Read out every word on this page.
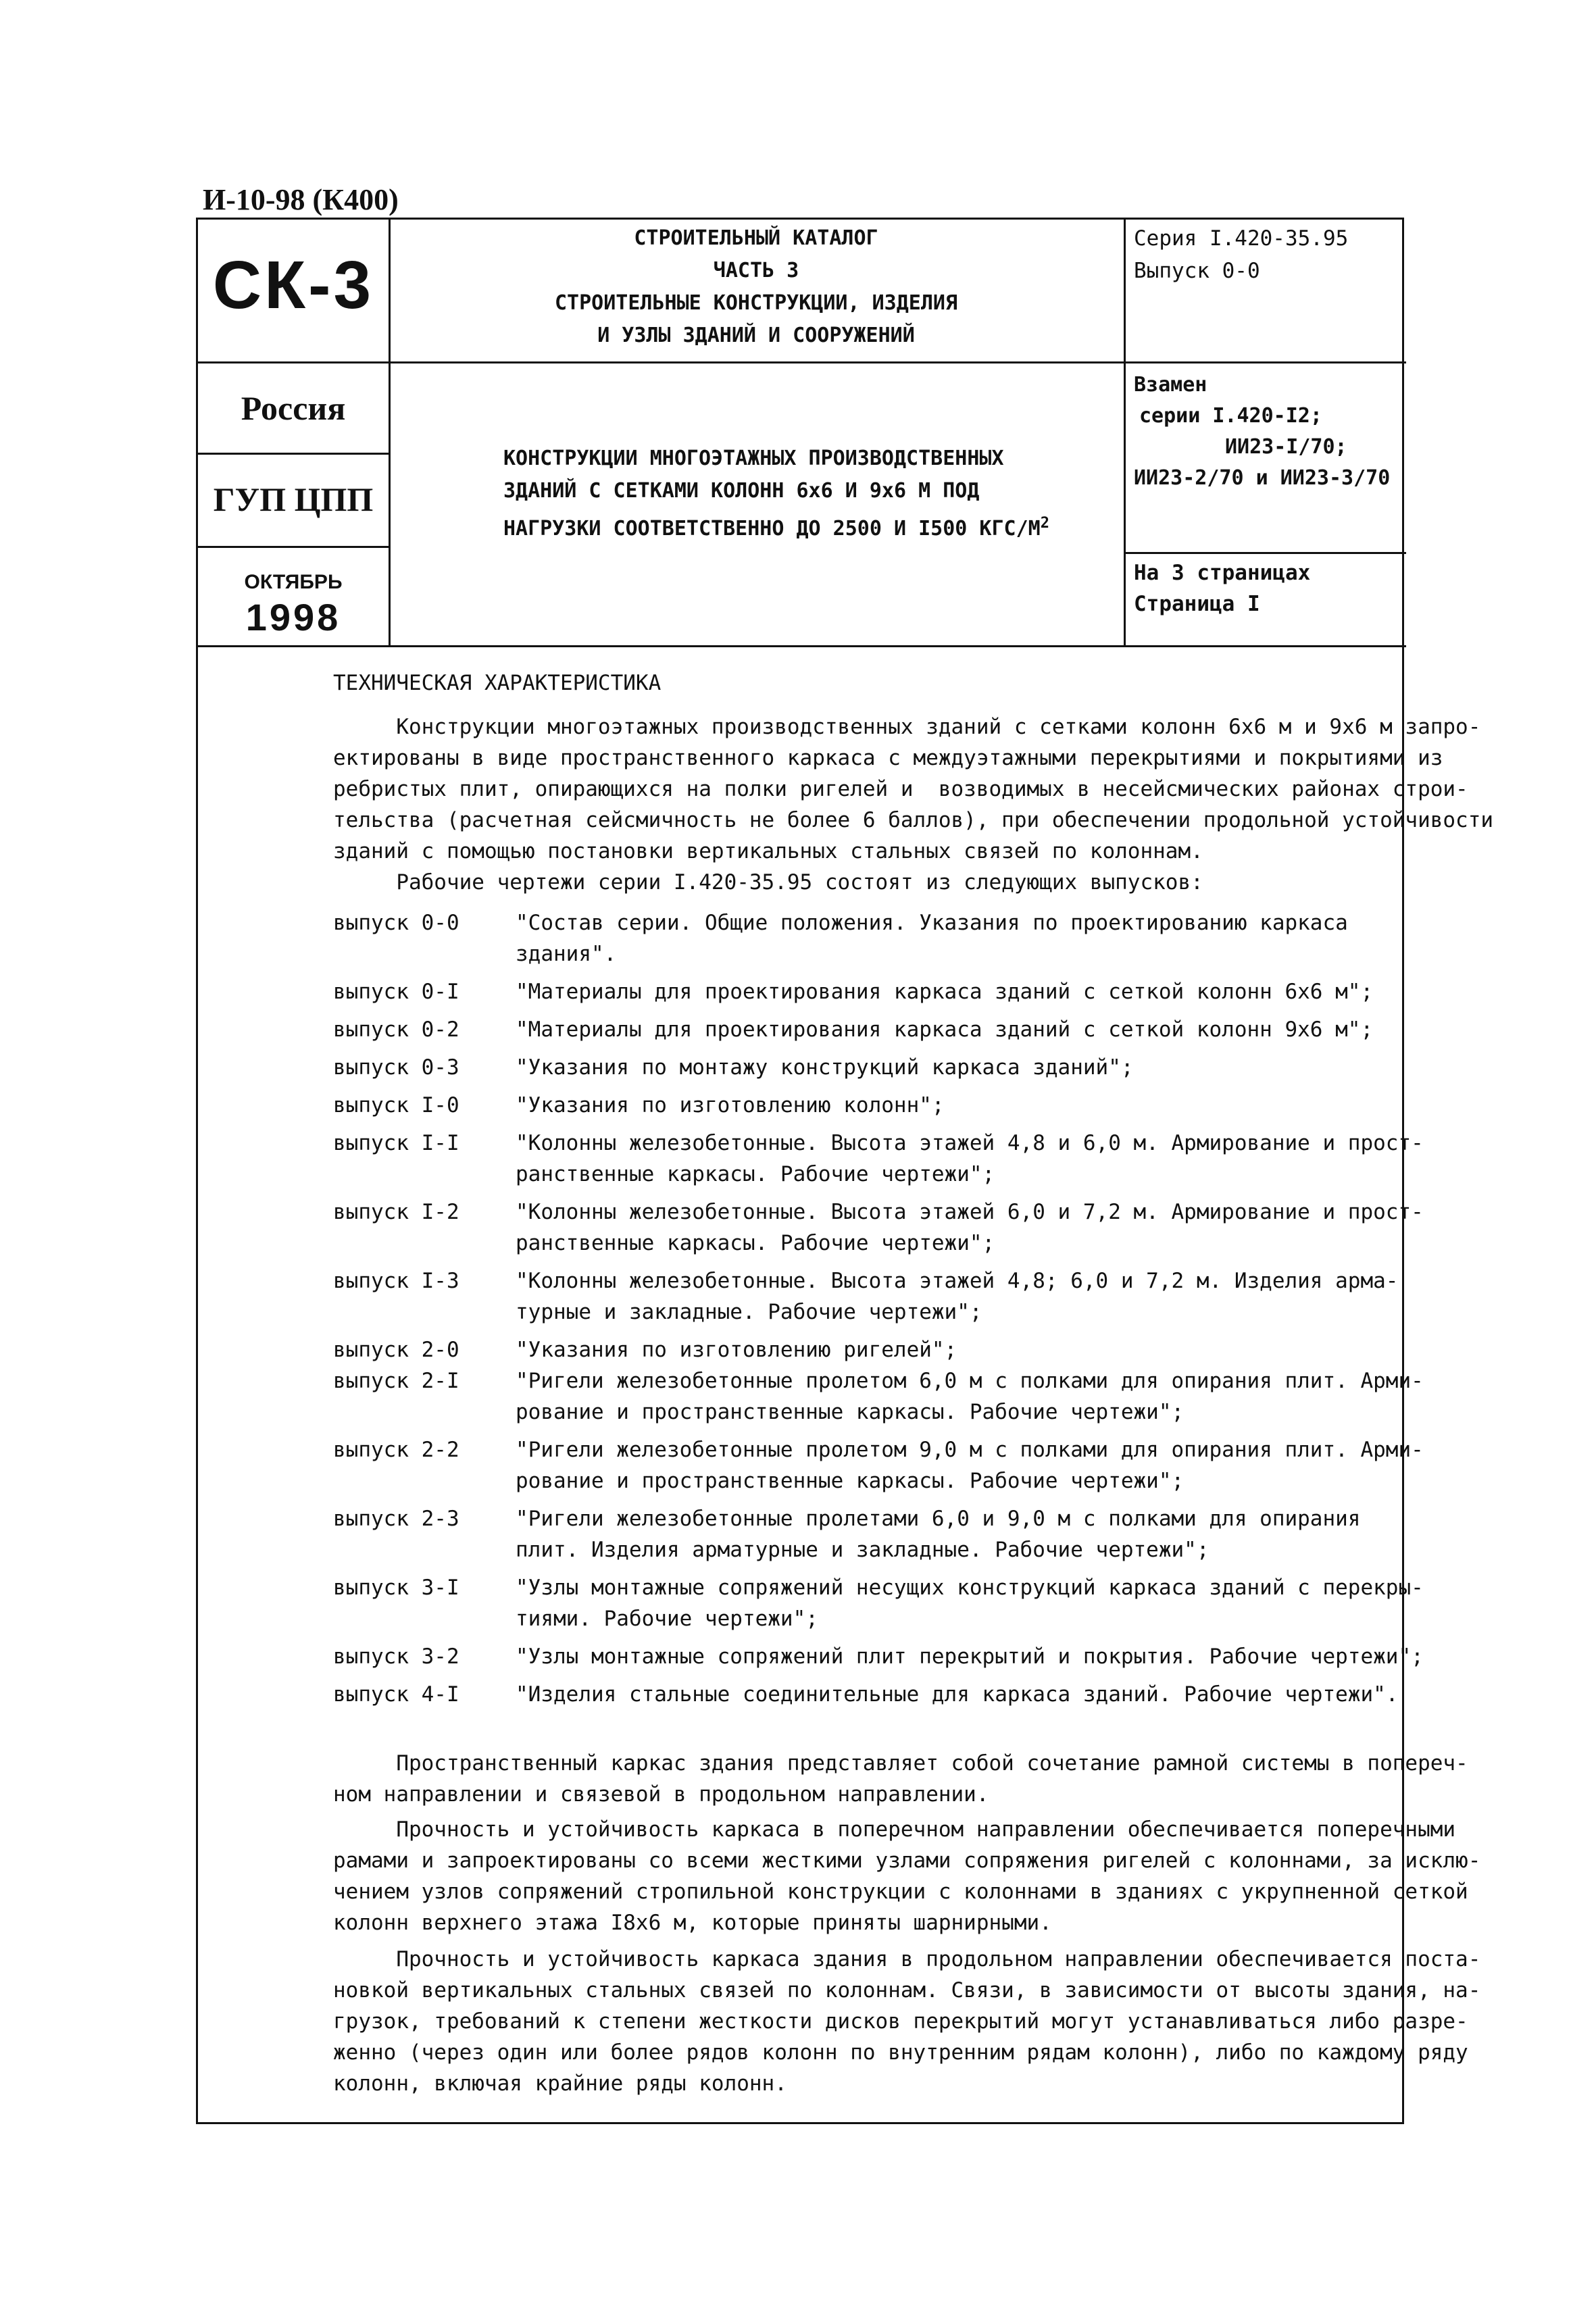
И-10-98 (К400)
СК-3
Россия
ГУП ЦПП
ОКТЯБРЬ
1998
СТРОИТЕЛЬНЫЙ КАТАЛОГ
ЧАСТЬ 3
СТРОИТЕЛЬНЫЕ КОНСТРУКЦИИ, ИЗДЕЛИЯ
И УЗЛЫ ЗДАНИЙ И СООРУЖЕНИЙ
Серия I.420-35.95
Выпуск 0-0
КОНСТРУКЦИИ МНОГОЭТАЖНЫХ ПРОИЗВОДСТВЕННЫХ
ЗДАНИЙ С СЕТКАМИ КОЛОНН 6х6 И 9х6 М ПОД
НАГРУЗКИ СООТВЕТСТВЕННО ДО 2500 И I500 КГС/$М^2$
Взамен
серии I.420-I2;
ИИ23-I/70;
ИИ23-2/70 и ИИ23-3/70
На 3 страницах
Страница I
ТЕХНИЧЕСКАЯ ХАРАКТЕРИСТИКА
Конструкции многоэтажных производственных зданий с сетками колонн 6х6 м и 9х6 м запро-
ектированы в виде пространственного каркаса с междуэтажными перекрытиями и покрытиями из
ребристых плит, опирающихся на полки ригелей и  возводимых в несейсмических районах строи-
тельства (расчетная сейсмичность не более 6 баллов), при обеспечении продольной устойчивости
зданий с помощью постановки вертикальных стальных связей по колоннам.
Рабочие чертежи серии I.420-35.95 состоят из следующих выпусков:
выпуск 0-0	"Состав серии. Общие положения. Указания по проектированию каркаса
здания".
выпуск 0-I	"Материалы для проектирования каркаса зданий с сеткой колонн 6х6 м";
выпуск 0-2	"Материалы для проектирования каркаса зданий с сеткой колонн 9х6 м";
выпуск 0-3	"Указания по монтажу конструкций каркаса зданий";
выпуск I-0	"Указания по изготовлению колонн";
выпуск I-I	"Колонны железобетонные. Высота этажей 4,8 и 6,0 м. Армирование и прост-
ранственные каркасы. Рабочие чертежи";
выпуск I-2	"Колонны железобетонные. Высота этажей 6,0 и 7,2 м. Армирование и прост-
ранственные каркасы. Рабочие чертежи";
выпуск I-3	"Колонны железобетонные. Высота этажей 4,8; 6,0 и 7,2 м. Изделия арма-
турные и закладные. Рабочие чертежи";
выпуск 2-0	"Указания по изготовлению ригелей";
выпуск 2-I	"Ригели железобетонные пролетом 6,0 м с полками для опирания плит. Арми-
рование и пространственные каркасы. Рабочие чертежи";
выпуск 2-2	"Ригели железобетонные пролетом 9,0 м с полками для опирания плит. Арми-
рование и пространственные каркасы. Рабочие чертежи";
выпуск 2-3	"Ригели железобетонные пролетами 6,0 и 9,0 м с полками для опирания
плит. Изделия арматурные и закладные. Рабочие чертежи";
выпуск 3-I	"Узлы монтажные сопряжений несущих конструкций каркаса зданий с перекры-
тиями. Рабочие чертежи";
выпуск 3-2	"Узлы монтажные сопряжений плит перекрытий и покрытия. Рабочие чертежи";
выпуск 4-I	"Изделия стальные соединительные для каркаса зданий. Рабочие чертежи".
Пространственный каркас здания представляет собой сочетание рамной системы в попереч-
ном направлении и связевой в продольном направлении.
Прочность и устойчивость каркаса в поперечном направлении обеспечивается поперечными
рамами и запроектированы со всеми жесткими узлами сопряжения ригелей с колоннами, за исклю-
чением узлов сопряжений стропильной конструкции с колоннами в зданиях с укрупненной сеткой
колонн верхнего этажа I8х6 м, которые приняты шарнирными.
Прочность и устойчивость каркаса здания в продольном направлении обеспечивается поста-
новкой вертикальных стальных связей по колоннам. Связи, в зависимости от высоты здания, на-
грузок, требований к степени жесткости дисков перекрытий могут устанавливаться либо разре-
женно (через один или более рядов колонн по внутренним рядам колонн), либо по каждому ряду
колонн, включая крайние ряды колонн.
